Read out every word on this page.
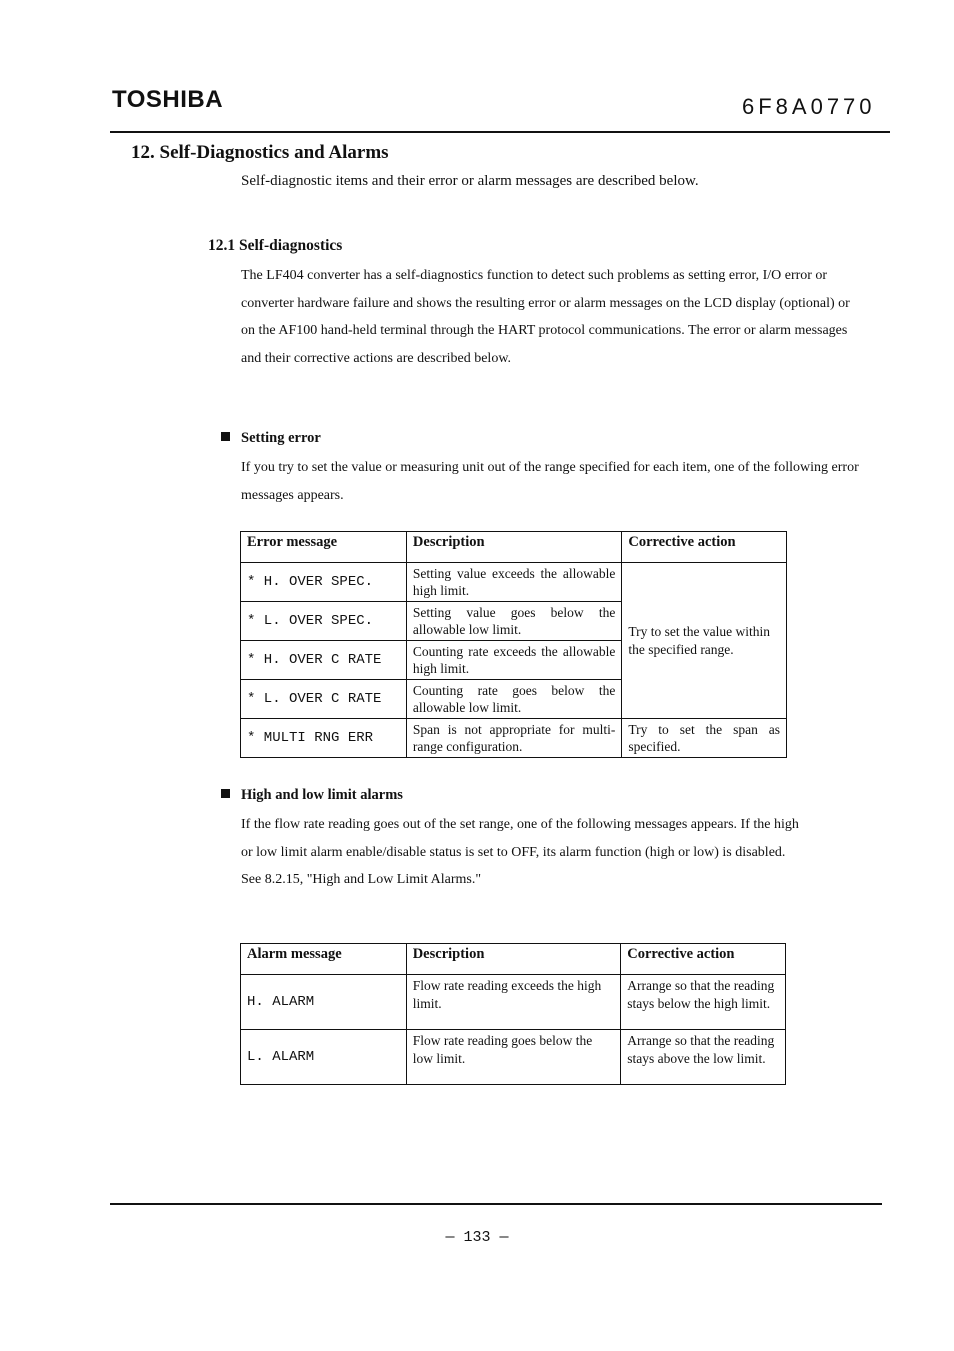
TOSHIBA	6F8A0770
12. Self-Diagnostics and Alarms
Self-diagnostic items and their error or alarm messages are described below.
12.1 Self-diagnostics
The LF404 converter has a self-diagnostics function to detect such problems as setting error, I/O error or converter hardware failure and shows the resulting error or alarm messages on the LCD display (optional) or on the AF100 hand-held terminal through the HART protocol communications. The error or alarm messages and their corrective actions are described below.
Setting error
If you try to set the value or measuring unit out of the range specified for each item, one of the following error messages appears.
Error message	Description	Corrective action
* H. OVER SPEC.	Setting value exceeds the allowable high limit.	Try to set the value within the specified range.
* L. OVER SPEC.	Setting value goes below the allowable low limit.	
* H. OVER C RATE	Counting rate exceeds the allowable high limit.	
* L. OVER C RATE	Counting rate goes below the allowable low limit.	
* MULTI RNG ERR	Span is not appropriate for multi-range configuration.	Try to set the span as specified.
High and low limit alarms
If the flow rate reading goes out of the set range, one of the following messages appears. If the high or low limit alarm enable/disable status is set to OFF, its alarm function (high or low) is disabled. See 8.2.15, "High and Low Limit Alarms."
Alarm message	Description	Corrective action
H. ALARM	Flow rate reading exceeds the high limit.	Arrange so that the reading stays below the high limit.
L. ALARM	Flow rate reading goes below the low limit.	Arrange so that the reading stays above the low limit.
— 133 —
